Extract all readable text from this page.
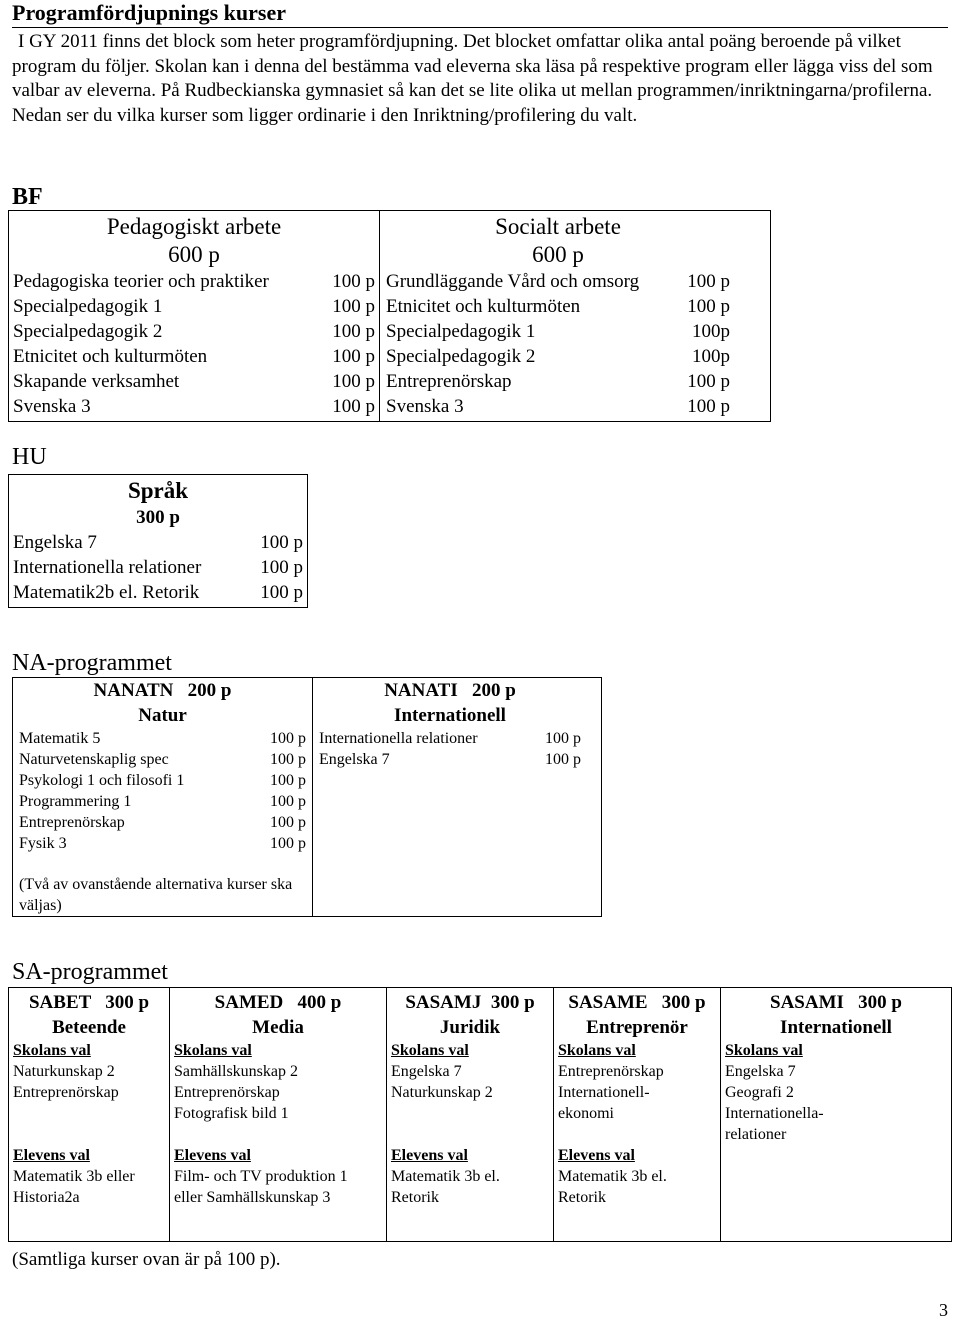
Programfördjupnings kurser

I GY 2011 finns det block som heter programfördjupning. Det blocket omfattar olika antal poäng beroende på vilket program du följer. Skolan kan i denna del bestämma vad eleverna ska läsa på respektive program eller lägga viss del som valbar av eleverna. På Rudbeckianska gymnasiet så kan det se lite olika ut mellan programmen/inriktningarna/profilerna.

Nedan ser du vilka kurser som ligger ordinarie i den Inriktning/profilering du valt.

BF
Pedagogiskt arbete
600 p
Pedagogiska teorier och praktiker	100 p
Specialpedagogik 1	100 p
Specialpedagogik 2	100 p
Etnicitet och kulturmöten	100 p
Skapande verksamhet	100 p
Svenska 3	100 p

Socialt arbete
600 p
Grundläggande Vård och omsorg	100 p
Etnicitet och kulturmöten	100 p
Specialpedagogik 1	100p
Specialpedagogik 2	100p
Entreprenörskap	100 p
Svenska 3	100 p
HU
Språk
300 p
Engelska 7	100 p
Internationella relationer	100 p
Matematik2b el. Retorik	100 p
NA-programmet
NANATN   200 p
Natur
Matematik 5	100 p
Naturvetenskaplig spec	100 p
Psykologi 1 och filosofi 1	100 p
Programmering 1	100 p
Entreprenörskap	100 p
Fysik 3	100 p
(Två av ovanstående alternativa kurser ska väljas)

NANATI   200 p
Internationell
Internationella relationer	100 p
Engelska 7	100 p
SA-programmet
SABET   300 p
Beteende
Skolans val
Naturkunskap 2
Entreprenörskap
Elevens val
Matematik 3b eller
Historia2a

SAMED   400 p
Media
Skolans val
Samhällskunskap 2
Entreprenörskap
Fotografisk bild 1
Elevens val
Film- och TV produktion 1
eller Samhällskunskap 3

SASAMJ  300 p
Juridik
Skolans val
Engelska 7
Naturkunskap 2
Elevens val
Matematik 3b el.
Retorik

SASAME   300 p
Entreprenör
Skolans val
Entreprenörskap
Internationell-
ekonomi
Elevens val
Matematik 3b el.
Retorik

SASAMI   300 p
Internationell
Skolans val
Engelska 7
Geografi 2
Internationella-
relationer
(Samtliga kurser ovan är på 100 p).
3
